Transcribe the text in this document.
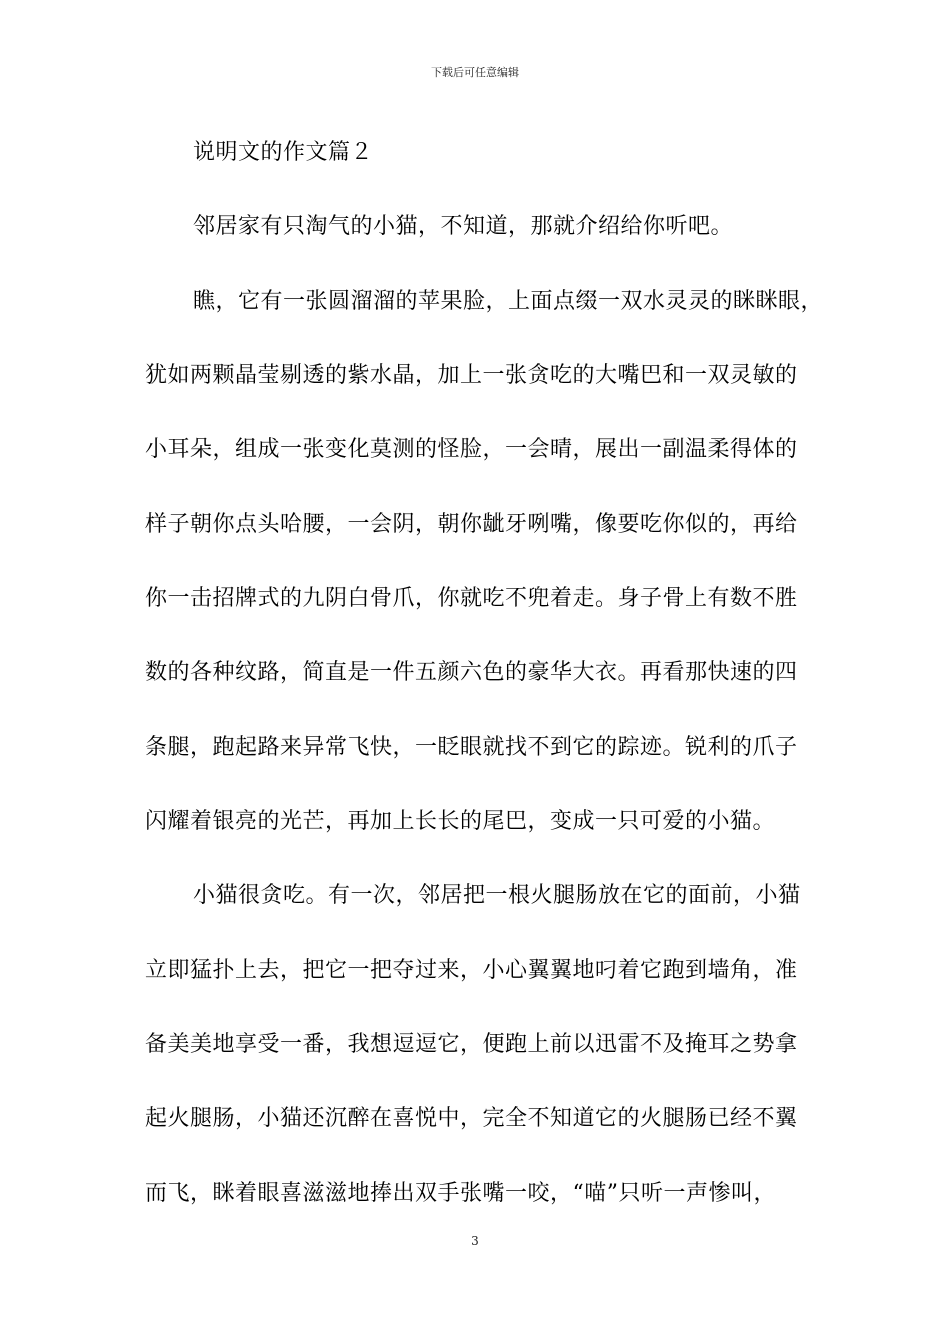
下载后可任意编辑
说明文的作文篇２
邻居家有只淘气的小猫，不知道，那就介绍给你听吧。
瞧，它有一张圆溜溜的苹果脸，上面点缀一双水灵灵的眯眯眼，
犹如两颗晶莹剔透的紫水晶，加上一张贪吃的大嘴巴和一双灵敏的
小耳朵，组成一张变化莫测的怪脸，一会晴，展出一副温柔得体的
样子朝你点头哈腰，一会阴，朝你龇牙咧嘴，像要吃你似的，再给
你一击招牌式的九阴白骨爪，你就吃不兜着走。身子骨上有数不胜
数的各种纹路，简直是一件五颜六色的豪华大衣。再看那快速的四
条腿，跑起路来异常飞快，一眨眼就找不到它的踪迹。锐利的爪子
闪耀着银亮的光芒，再加上长长的尾巴，变成一只可爱的小猫。
小猫很贪吃。有一次，邻居把一根火腿肠放在它的面前，小猫
立即猛扑上去，把它一把夺过来，小心翼翼地叼着它跑到墙角，准
备美美地享受一番，我想逗逗它，便跑上前以迅雷不及掩耳之势拿
起火腿肠，小猫还沉醉在喜悦中，完全不知道它的火腿肠已经不翼
而飞，眯着眼喜滋滋地捧出双手张嘴一咬，“喵”只听一声惨叫，
3
